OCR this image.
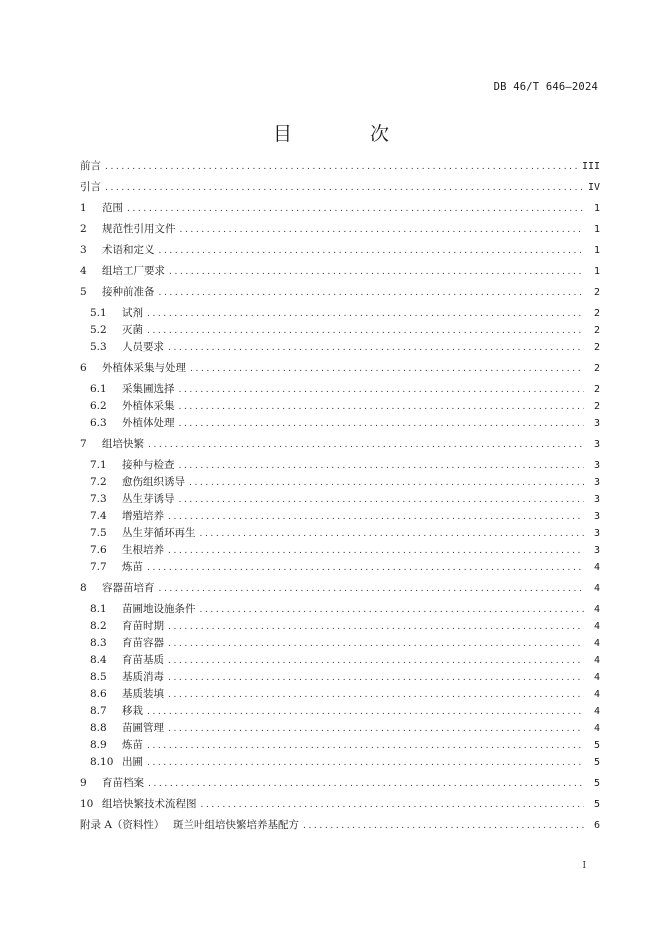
DB 46/T 646—2024
目 次
前言 .....	III
引言 .....	IV
1	范围 .....	1
2	规范性引用文件 .....	1
3	术语和定义 .....	1
4	组培工厂要求 .....	1
5	接种前准备 .....	2
5.1	试剂 .....	2
5.2	灭菌 .....	2
5.3	人员要求 .....	2
6	外植体采集与处理 .....	2
6.1	采集圃选择 .....	2
6.2	外植体采集 .....	2
6.3	外植体处理 .....	3
7	组培快繁 .....	3
7.1	接种与检查 .....	3
7.2	愈伤组织诱导 .....	3
7.3	丛生芽诱导 .....	3
7.4	增殖培养 .....	3
7.5	丛生芽循环再生 .....	3
7.6	生根培养 .....	3
7.7	炼苗 .....	4
8	容器苗培育 .....	4
8.1	苗圃地设施条件 .....	4
8.2	育苗时期 .....	4
8.3	育苗容器 .....	4
8.4	育苗基质 .....	4
8.5	基质消毒 .....	4
8.6	基质装填 .....	4
8.7	移栽 .....	4
8.8	苗圃管理 .....	4
8.9	炼苗 .....	5
8.10 出圃 .....	5
9	育苗档案 .....	5
10 组培快繁技术流程图 .....	5
附录 A（资料性）　 斑兰叶组培快繁培养基配方 .....	6
I
